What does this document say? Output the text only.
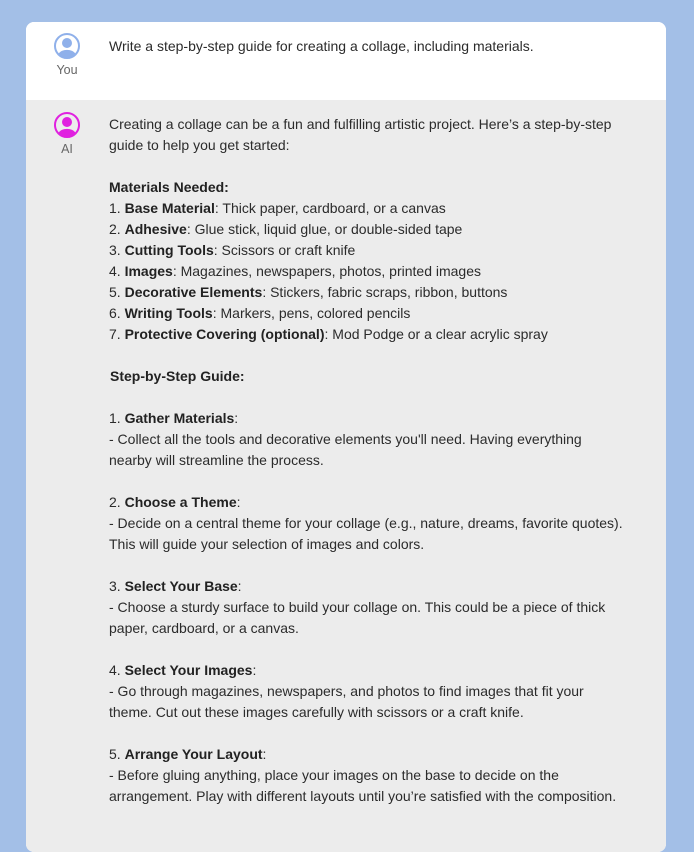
You
Write a step-by-step guide for creating a collage, including materials.
AI

Creating a collage can be a fun and fulfilling artistic project. Here’s a step-by-step

guide to help you get started:

Materials Needed:

1. Base Material: Thick paper, cardboard, or a canvas

2. Adhesive: Glue stick, liquid glue, or double-sided tape

3. Cutting Tools: Scissors or craft knife

4. Images: Magazines, newspapers, photos, printed images

5. Decorative Elements: Stickers, fabric scraps, ribbon, buttons

6. Writing Tools: Markers, pens, colored pencils

7. Protective Covering (optional): Mod Podge or a clear acrylic spray

Step-by-Step Guide:

1. Gather Materials:

- Collect all the tools and decorative elements you'll need. Having everything

nearby will streamline the process.

2. Choose a Theme:

- Decide on a central theme for your collage (e.g., nature, dreams, favorite quotes).

This will guide your selection of images and colors.

3. Select Your Base:

- Choose a sturdy surface to build your collage on. This could be a piece of thick

paper, cardboard, or a canvas.

4. Select Your Images:

- Go through magazines, newspapers, and photos to find images that fit your

theme. Cut out these images carefully with scissors or a craft knife.

5. Arrange Your Layout:

- Before gluing anything, place your images on the base to decide on the

arrangement. Play with different layouts until you’re satisfied with the composition.
